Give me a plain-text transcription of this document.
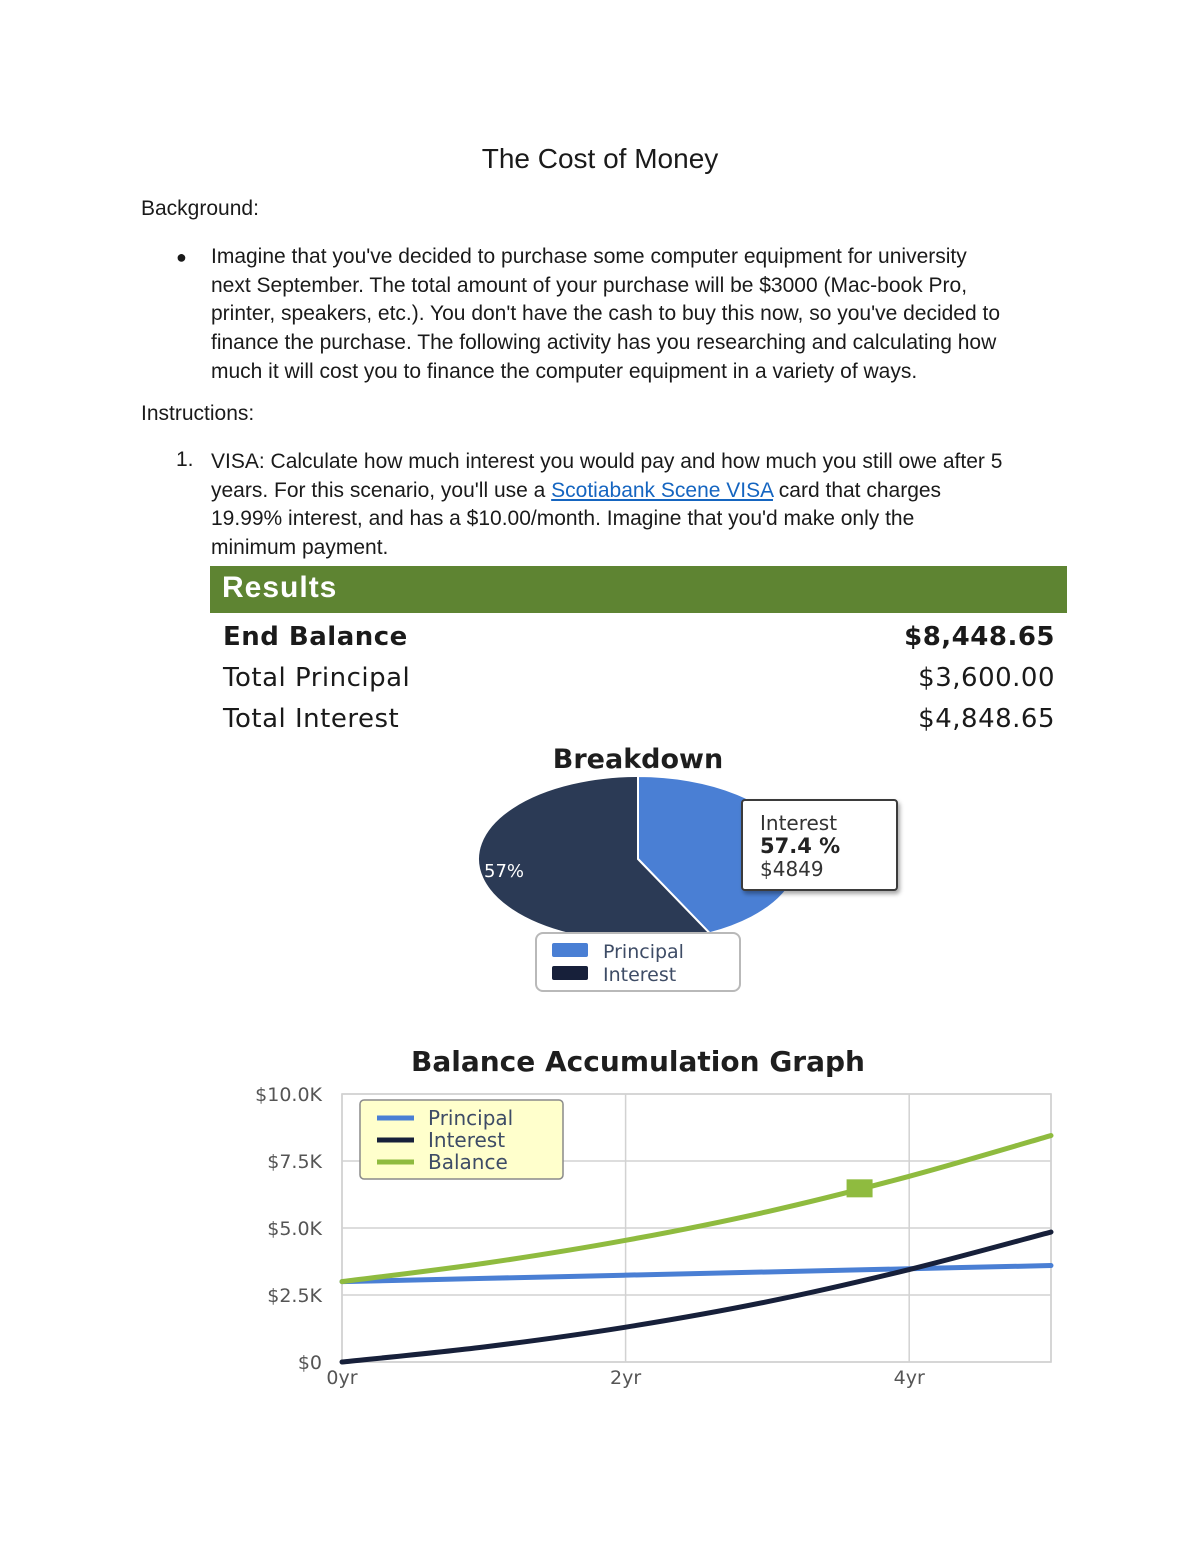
The Cost of Money
Background:
● Imagine that you've decided to purchase some computer equipment for university
next September. The total amount of your purchase will be $3000 (Mac-book Pro,
printer, speakers, etc.). You don't have the cash to buy this now, so you've decided to
finance the purchase. The following activity has you researching and calculating how
much it will cost you to finance the computer equipment in a variety of ways.
Instructions:
1. VISA: Calculate how much interest you would pay and how much you still owe after 5
years. For this scenario, you'll use a Scotiabank Scene VISA card that charges
19.99% interest, and has a $10.00/month. Imagine that you'd make only the
minimum payment.
Results
End Balance	$8,448.65
Total Principal	$3,600.00
Total Interest	$4,848.65
Breakdown
57%
Interest
57.4 %
$4849
Principal
Interest
Balance Accumulation Graph
$0
$2.5K
$5.0K
$7.5K
$10.0K
0yr	2yr	4yr
Principal
Interest
Balance
